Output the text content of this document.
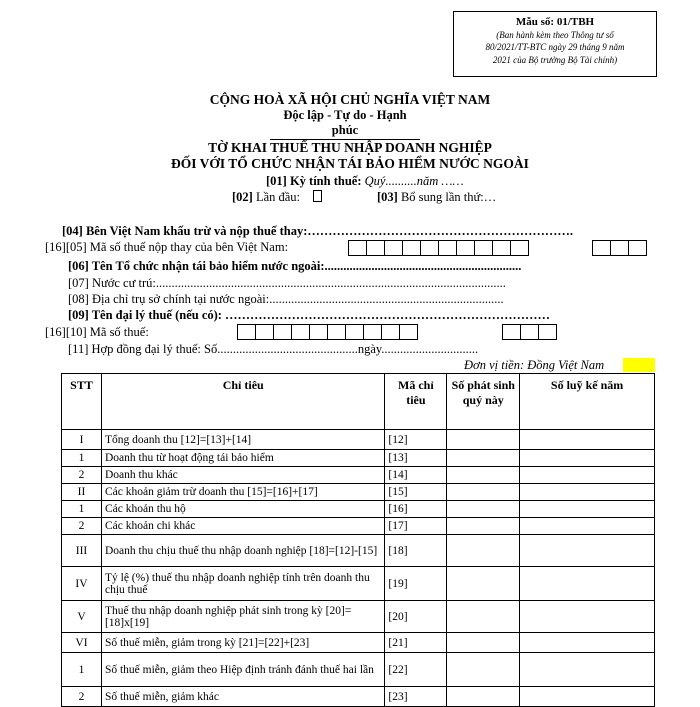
Mẫu số: 01/TBH
(Ban hành kèm theo Thông tư số
80/2021/TT-BTC ngày 29 tháng 9 năm
2021 của Bộ trưởng Bộ Tài chính)
CỘNG HOÀ XÃ HỘI CHỦ NGHĨA VIỆT NAM
Độc lập - Tự do - Hạnh phúc
TỜ KHAI THUẾ THU NHẬP DOANH NGHIỆP
ĐỐI VỚI TỔ CHỨC NHẬN TÁI BẢO HIỂM NƯỚC NGOÀI
[01] Kỳ tính thuế: Quý..........năm ……
[02] Lần đầu:	[03] Bổ sung lần thứ:…
[04] Bên Việt Nam khấu trừ và nộp thuế thay:……………………………………………………….
[16][05] Mã số thuế nộp thay của bên Việt Nam:
[06] Tên Tổ chức nhận tái bảo hiểm nước ngoài:...............................................................
[07] Nước cư trú:................................................................................................................
[08] Địa chỉ trụ sở chính tại nước ngoài:...........................................................................
[09] Tên đại lý thuế (nếu có): ……………………………………………………………………
[16][10] Mã số thuế:
[11] Hợp đồng đại lý thuế: Số.............................................ngày...............................
Đơn vị tiền: Đồng Việt Nam
STT	Chỉ tiêu	Mã chỉ tiêu	Số phát sinh quý này	Số luỹ kế năm
I	Tổng doanh thu [12]=[13]+[14]	[12]		
1	Doanh thu từ hoạt động tái bảo hiểm	[13]		
2	Doanh thu khác	[14]		
II	Các khoản giảm trừ doanh thu [15]=[16]+[17]	[15]		
1	Các khoản thu hộ	[16]		
2	Các khoản chi khác	[17]		
III	Doanh thu chịu thuế thu nhập doanh nghiệp [18]=[12]-[15]	[18]		
IV	Tỷ lệ (%) thuế thu nhập doanh nghiệp tính trên doanh thu chịu thuế	[19]		
V	Thuế thu nhập doanh nghiệp phát sinh trong kỳ [20]=[18]x[19]	[20]		
VI	Số thuế miễn, giảm trong kỳ [21]=[22]+[23]	[21]		
1	Số thuế miễn, giảm theo Hiệp định tránh đánh thuế hai lần	[22]		
2	Số thuế miễn, giảm khác	[23]		
